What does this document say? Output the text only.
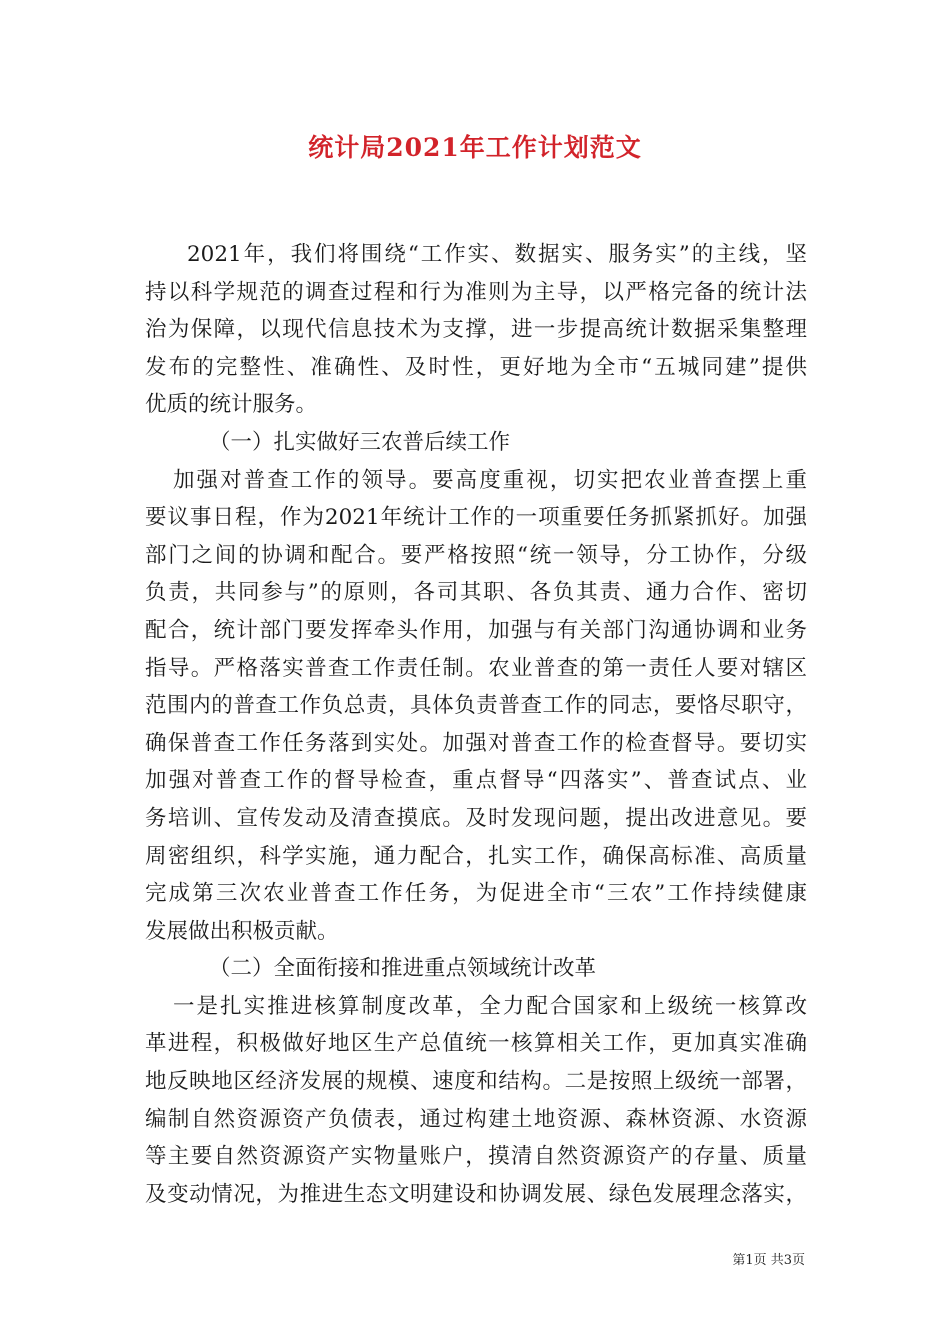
统计局2021年工作计划范文
2021年，我们将围绕“工作实、数据实、服务实”的主线，坚
持以科学规范的调查过程和行为准则为主导，以严格完备的统计法
治为保障，以现代信息技术为支撑，进一步提高统计数据采集整理
发布的完整性、准确性、及时性，更好地为全市“五城同建”提供
优质的统计服务。
（一）扎实做好三农普后续工作
加强对普查工作的领导。要高度重视，切实把农业普查摆上重
要议事日程，作为2021年统计工作的一项重要任务抓紧抓好。加强
部门之间的协调和配合。要严格按照“统一领导，分工协作，分级
负责，共同参与”的原则，各司其职、各负其责、通力合作、密切
配合，统计部门要发挥牵头作用，加强与有关部门沟通协调和业务
指导。严格落实普查工作责任制。农业普查的第一责任人要对辖区
范围内的普查工作负总责，具体负责普查工作的同志，要恪尽职守，
确保普查工作任务落到实处。加强对普查工作的检查督导。要切实
加强对普查工作的督导检查，重点督导“四落实”、普查试点、业
务培训、宣传发动及清查摸底。及时发现问题，提出改进意见。要
周密组织，科学实施，通力配合，扎实工作，确保高标准、高质量
完成第三次农业普查工作任务，为促进全市“三农”工作持续健康
发展做出积极贡献。
（二）全面衔接和推进重点领域统计改革
一是扎实推进核算制度改革，全力配合国家和上级统一核算改
革进程，积极做好地区生产总值统一核算相关工作，更加真实准确
地反映地区经济发展的规模、速度和结构。二是按照上级统一部署，
编制自然资源资产负债表，通过构建土地资源、森林资源、水资源
等主要自然资源资产实物量账户，摸清自然资源资产的存量、质量
及变动情况，为推进生态文明建设和协调发展、绿色发展理念落实，
第1页 共3页
